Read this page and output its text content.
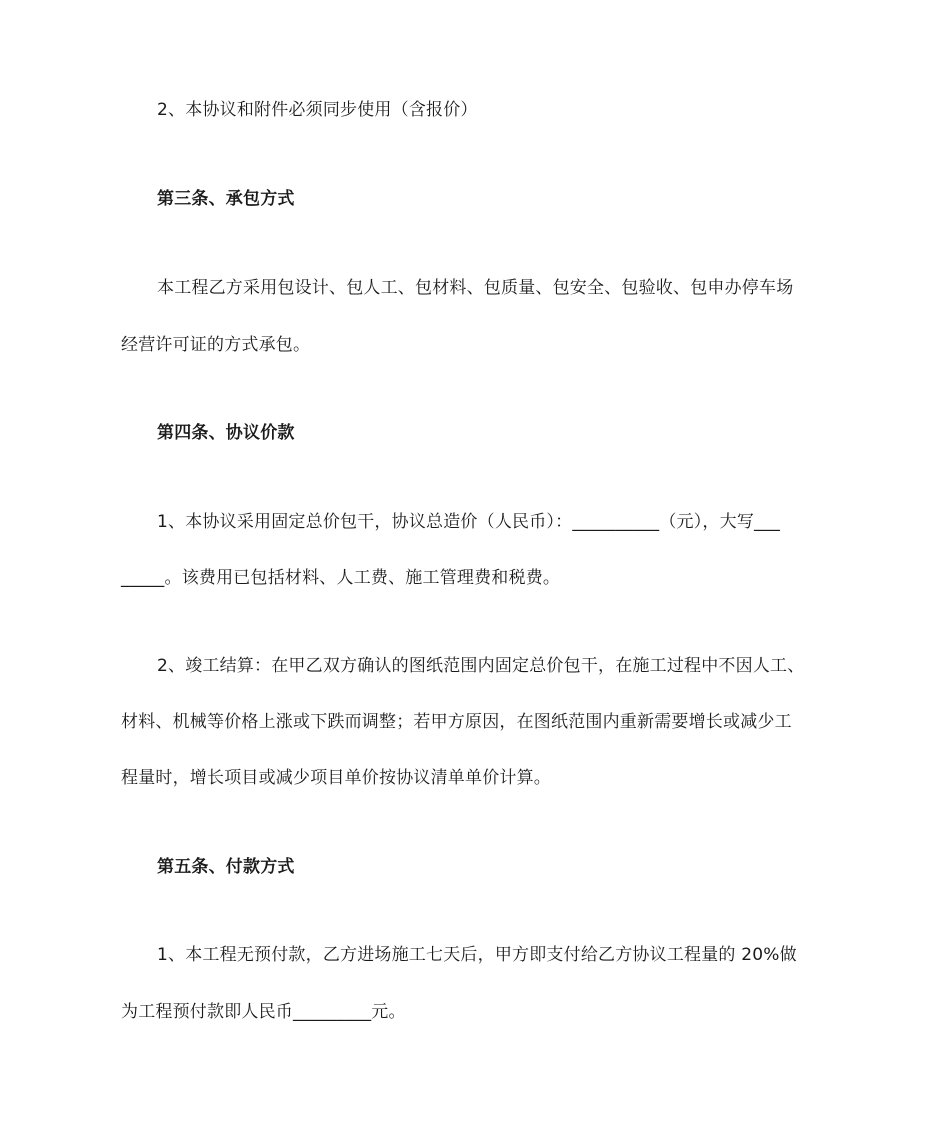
2、本协议和附件必须同步使用（含报价）
第三条、承包方式
本工程乙方采用包设计、包人工、包材料、包质量、包安全、包验收、包申办停车场
经营许可证的方式承包。
第四条、协议价款
1、本协议采用固定总价包干，协议总造价（人民币）：__________（元），大写___
_____。该费用已包括材料、人工费、施工管理费和税费。
2、竣工结算：在甲乙双方确认的图纸范围内固定总价包干，在施工过程中不因人工、
材料、机械等价格上涨或下跌而调整；若甲方原因，在图纸范围内重新需要增长或减少工
程量时，增长项目或减少项目单价按协议清单单价计算。
第五条、付款方式
1、本工程无预付款，乙方进场施工七天后，甲方即支付给乙方协议工程量的 20%做
为工程预付款即人民币_________元。
